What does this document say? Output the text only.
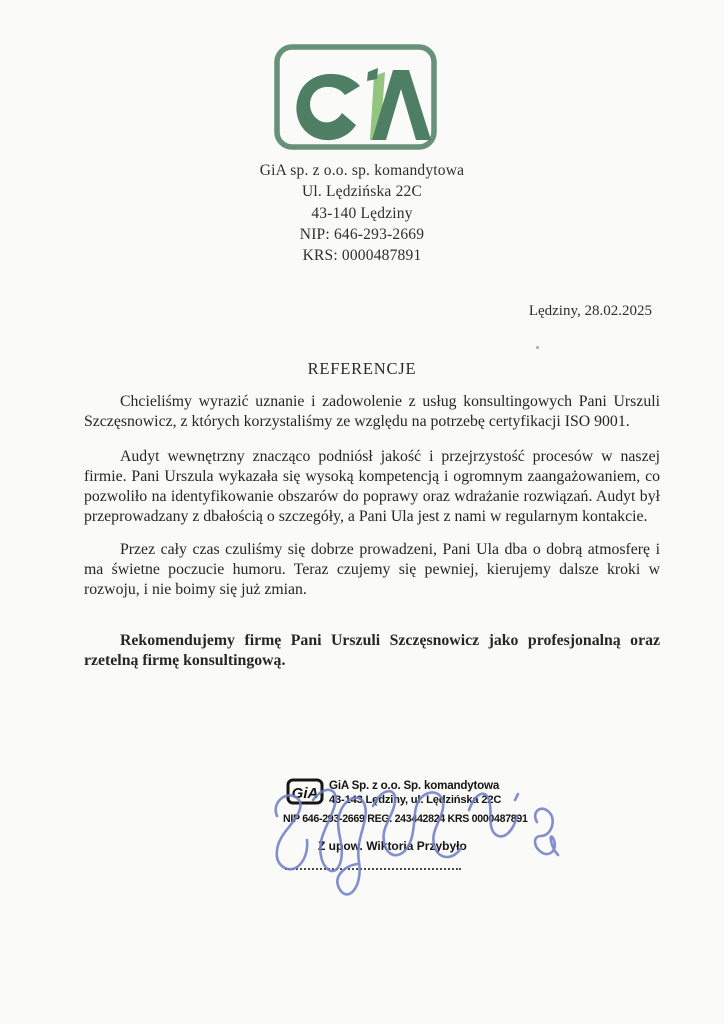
GiA sp. z o.o. sp. komandytowa
Ul. Lędzińska 22C
43-140 Lędziny
NIP: 646-293-2669
KRS: 0000487891
Lędziny, 28.02.2025
REFERENCJE

Chcieliśmy wyrazić uznanie i zadowolenie z usług konsultingowych Pani Urszuli Szczęsnowicz, z których korzystaliśmy ze względu na potrzebę certyfikacji ISO 9001.

Audyt wewnętrzny znacząco podniósł jakość i przejrzystość procesów w naszej firmie. Pani Urszula wykazała się wysoką kompetencją i ogromnym zaangażowaniem, co pozwoliło na identyfikowanie obszarów do poprawy oraz wdrażanie rozwiązań. Audyt był przeprowadzany z dbałością o szczegóły, a Pani Ula jest z nami w regularnym kontakcie.

Przez cały czas czuliśmy się dobrze prowadzeni, Pani Ula dba o dobrą atmosferę i ma świetne poczucie humoru. Teraz czujemy się pewniej, kierujemy dalsze kroki w rozwoju, i nie boimy się już zmian.

Rekomendujemy firmę Pani Urszuli Szczęsnowicz jako profesjonalną oraz rzetelną firmę konsultingową.

GiA GiA Sp. z o.o. Sp. komandytowa
43-143 Lędziny, ul. Lędzińska 22C
NIP 646-293-2669 REG. 243442824 KRS 0000487891
Z upow. Wiktoria Przybyło
